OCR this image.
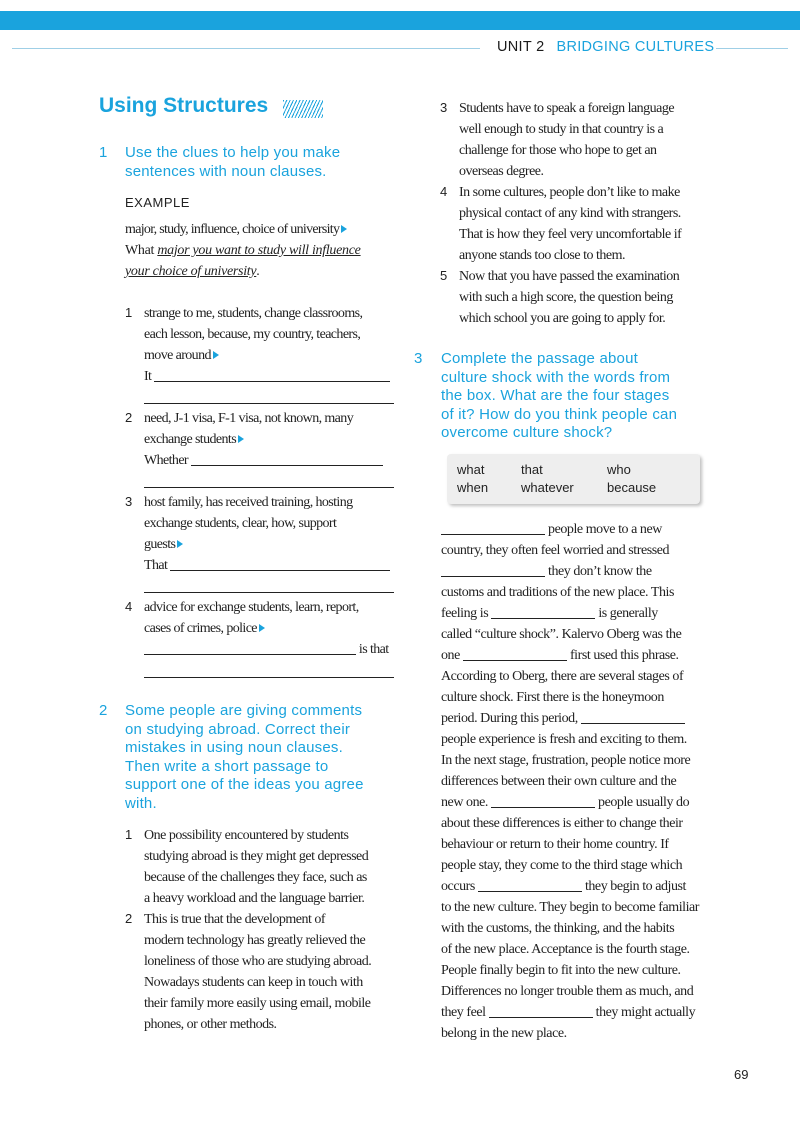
UNIT 2 BRIDGING CULTURES
Using Structures
1 Use the clues to help you make
sentences with noun clauses.
EXAMPLE
major, study, influence, choice of university
What major you want to study will influence
your choice of university.
1 strange to me, students, change classrooms,
each lesson, because, my country, teachers,
move around
It
2 need, J-1 visa, F-1 visa, not known, many
exchange students
Whether
3 host family, has received training, hosting
exchange students, clear, how, support
guests
That
4 advice for exchange students, learn, report,
cases of crimes, police
is that
2 Some people are giving comments
on studying abroad. Correct their
mistakes in using noun clauses.
Then write a short passage to
support one of the ideas you agree
with.
1 One possibility encountered by students
studying abroad is they might get depressed
because of the challenges they face, such as
a heavy workload and the language barrier.
2 This is true that the development of
modern technology has greatly relieved the
loneliness of those who are studying abroad.
Nowadays students can keep in touch with
their family more easily using email, mobile
phones, or other methods.
3 Students have to speak a foreign language
well enough to study in that country is a
challenge for those who hope to get an
overseas degree.
4 In some cultures, people don’t like to make
physical contact of any kind with strangers.
That is how they feel very uncomfortable if
anyone stands too close to them.
5 Now that you have passed the examination
with such a high score, the question being
which school you are going to apply for.
3 Complete the passage about
culture shock with the words from
the box. What are the four stages
of it? How do you think people can
overcome culture shock?
what	that	who
when	whatever	because
people move to a new
country, they often feel worried and stressed
they don’t know the
customs and traditions of the new place. This
feeling is	is generally
called “culture shock”. Kalervo Oberg was the
one	first used this phrase.
According to Oberg, there are several stages of
culture shock. First there is the honeymoon
period. During this period,
people experience is fresh and exciting to them.
In the next stage, frustration, people notice more
differences between their own culture and the
new one.	people usually do
about these differences is either to change their
behaviour or return to their home country. If
people stay, they come to the third stage which
occurs	they begin to adjust
to the new culture. They begin to become familiar
with the customs, the thinking, and the habits
of the new place. Acceptance is the fourth stage.
People finally begin to fit into the new culture.
Differences no longer trouble them as much, and
they feel	they might actually
belong in the new place.
69
